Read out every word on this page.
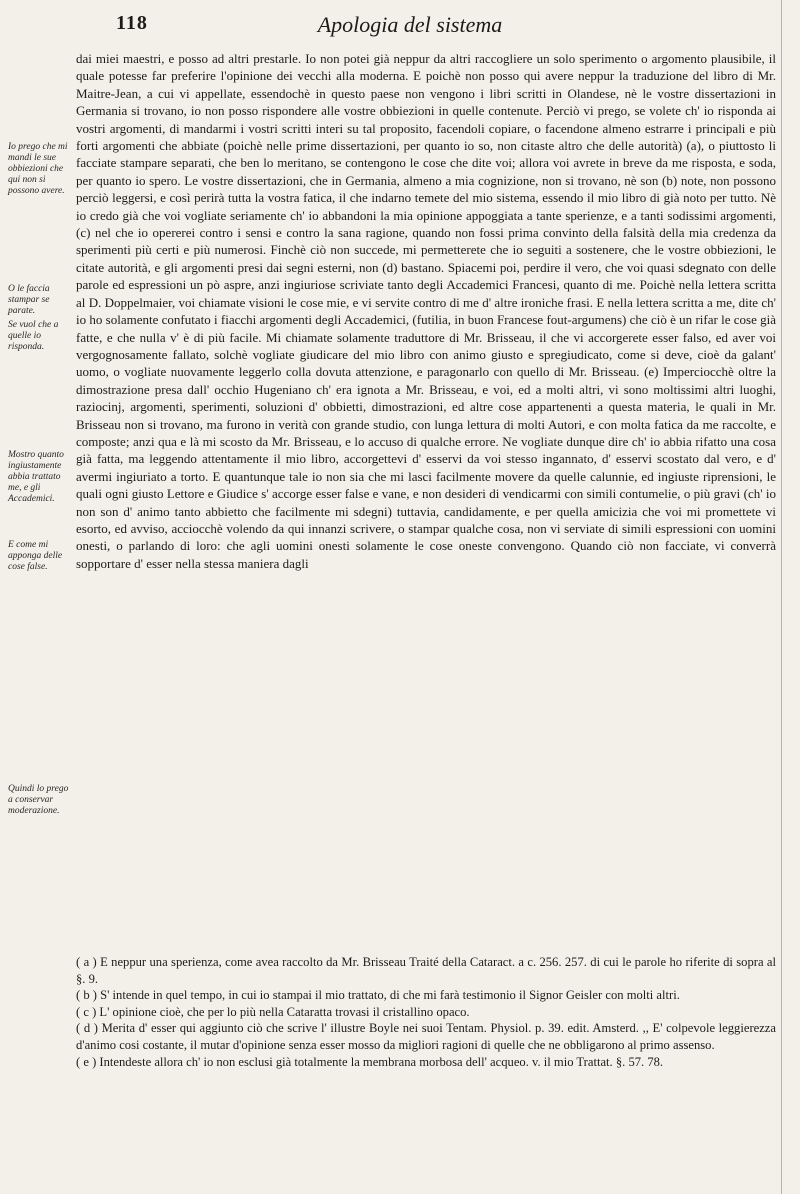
118	Apologia del sistema
Io prego che mi mandi le sue obbiezioni che qui non si possono avere.
O le faccia stampar se parate.
Se vuol che a quelle io risponda.
Mostro quanto ingiustamente abbia trattato me, e gli Accademici.
E come mi apponga delle cose false.
Quindi lo prego a conservar moderazione.

dai miei maestri, e posso ad altri prestarle. Io non potei già neppur da altri raccogliere un solo sperimento o argomento plausibile, il quale potesse far preferire l'opinione dei vecchi alla moderna. E poichè non posso qui avere neppur la traduzione del libro di Mr. Maitre-Jean, a cui vi appellate, essendochè in questo paese non vengono i libri scritti in Olandese, nè le vostre dissertazioni in Germania si trovano, io non posso rispondere alle vostre obbiezioni in quelle contenute. Perciò vi prego, se volete ch' io risponda ai vostri argomenti, di mandarmi i vostri scritti interi su tal proposito, facendoli copiare, o facendone almeno estrarre i principali e più forti argomenti che abbiate (poichè nelle prime dissertazioni, per quanto io so, non citaste altro che delle autorità) (a), o piuttosto li facciate stampare separati, che ben lo meritano, se contengono le cose che dite voi; allora voi avrete in breve da me risposta, e soda, per quanto io spero. Le vostre dissertazioni, che in Germania, almeno a mia cognizione, non si trovano, nè son (b) note, non possono perciò leggersi, e così perirà tutta la vostra fatica, il che indarno temete del mio sistema, essendo il mio libro di già noto per tutto. Nè io credo già che voi vogliate seriamente ch' io abbandoni la mia opinione appoggiata a tante sperienze, e a tanti sodissimi argomenti, (c) nel che io opererei contro i sensi e contro la sana ragione, quando non fossi prima convinto della falsità della mia credenza da sperimenti più certi e più numerosi. Finchè ciò non succede, mi permetterete che io seguiti a sostenere, che le vostre obbiezioni, le citate autorità, e gli argomenti presi dai segni esterni, non (d) bastano. Spiacemi poi, perdire il vero, che voi quasi sdegnato con delle parole ed espressioni un pò aspre, anzi ingiuriose scriviate tanto degli Accademici Francesi, quanto di me. Poichè nella lettera scritta al D. Doppelmaier, voi chiamate visioni le cose mie, e vi servite contro di me d' altre ironiche frasi. E nella lettera scritta a me, dite ch' io ho solamente confutato i fiacchi argomenti degli Accademici, (futilia, in buon Francese fout-argumens) che ciò è un rifar le cose già fatte, e che nulla v' è di più facile. Mi chiamate solamente traduttore di Mr. Brisseau, il che vi accorgerete esser falso, ed aver voi vergognosamente fallato, solchè vogliate giudicare del mio libro con animo giusto e spregiudicato, come si deve, cioè da galant' uomo, o vogliate nuovamente leggerlo colla dovuta attenzione, e paragonarlo con quello di Mr. Brisseau. (e) Imperciocchè oltre la dimostrazione presa dall' occhio Hugeniano ch' era ignota a Mr. Brisseau, e voi, ed a molti altri, vi sono moltissimi altri luoghi, raziocinj, argomenti, sperimenti, soluzioni d' obbietti, dimostrazioni, ed altre cose appartenenti a questa materia, le quali in Mr. Brisseau non si trovano, ma furono in verità con grande studio, con lunga lettura di molti Autori, e con molta fatica da me raccolte, e composte; anzi qua e là mi scosto da Mr. Brisseau, e lo accuso di qualche errore. Ne vogliate dunque dire ch' io abbia rifatto una cosa già fatta, ma leggendo attentamente il mio libro, accorgettevi d' esservi da voi stesso ingannato, d' esservi scostato dal vero, e d' avermi ingiuriato a torto. E quantunque tale io non sia che mi lasci facilmente movere da quelle calunnie, ed ingiuste riprensioni, le quali ogni giusto Lettore e Giudice s' accorge esser false e vane, e non desideri di vendicarmi con simili contumelie, o più gravi (ch' io non son d' animo tanto abbietto che facilmente mi sdegni) tuttavia, candidamente, e per quella amicizia che voi mi promettete vi esorto, ed avviso, acciocchè volendo da qui innanzi scrivere, o stampar qualche cosa, non vi serviate di simili espressioni con uomini onesti, o parlando di loro: che agli uomini onesti solamente le cose oneste convengono. Quando ciò non facciate, vi converrà sopportare d' esser nella stessa maniera dagli

( a ) E neppur una sperienza, come avea raccolto da Mr. Brisseau Traité della Cataract. a c. 256. 257. di cui le parole ho riferite di sopra al §. 9.

( b ) S' intende in quel tempo, in cui io stampai il mio trattato, di che mi farà testimonio il Signor Geisler con molti altri.

( c ) L' opinione cioè, che per lo più nella Cataratta trovasi il cristallino opaco.

( d ) Merita d' esser qui aggiunto ciò che scrive l' illustre Boyle nei suoi Tentam. Physiol. p. 39. edit. Amsterd. ,, E' colpevole leggierezza d'animo cosi costante, il mutar d'opinione senza esser mosso da migliori ragioni di quelle che ne obbligarono al primo assenso.

( e ) Intendeste allora ch' io non esclusi già totalmente la membrana morbosa dell' acqueo. v. il mio Trattat. §. 57. 78.
